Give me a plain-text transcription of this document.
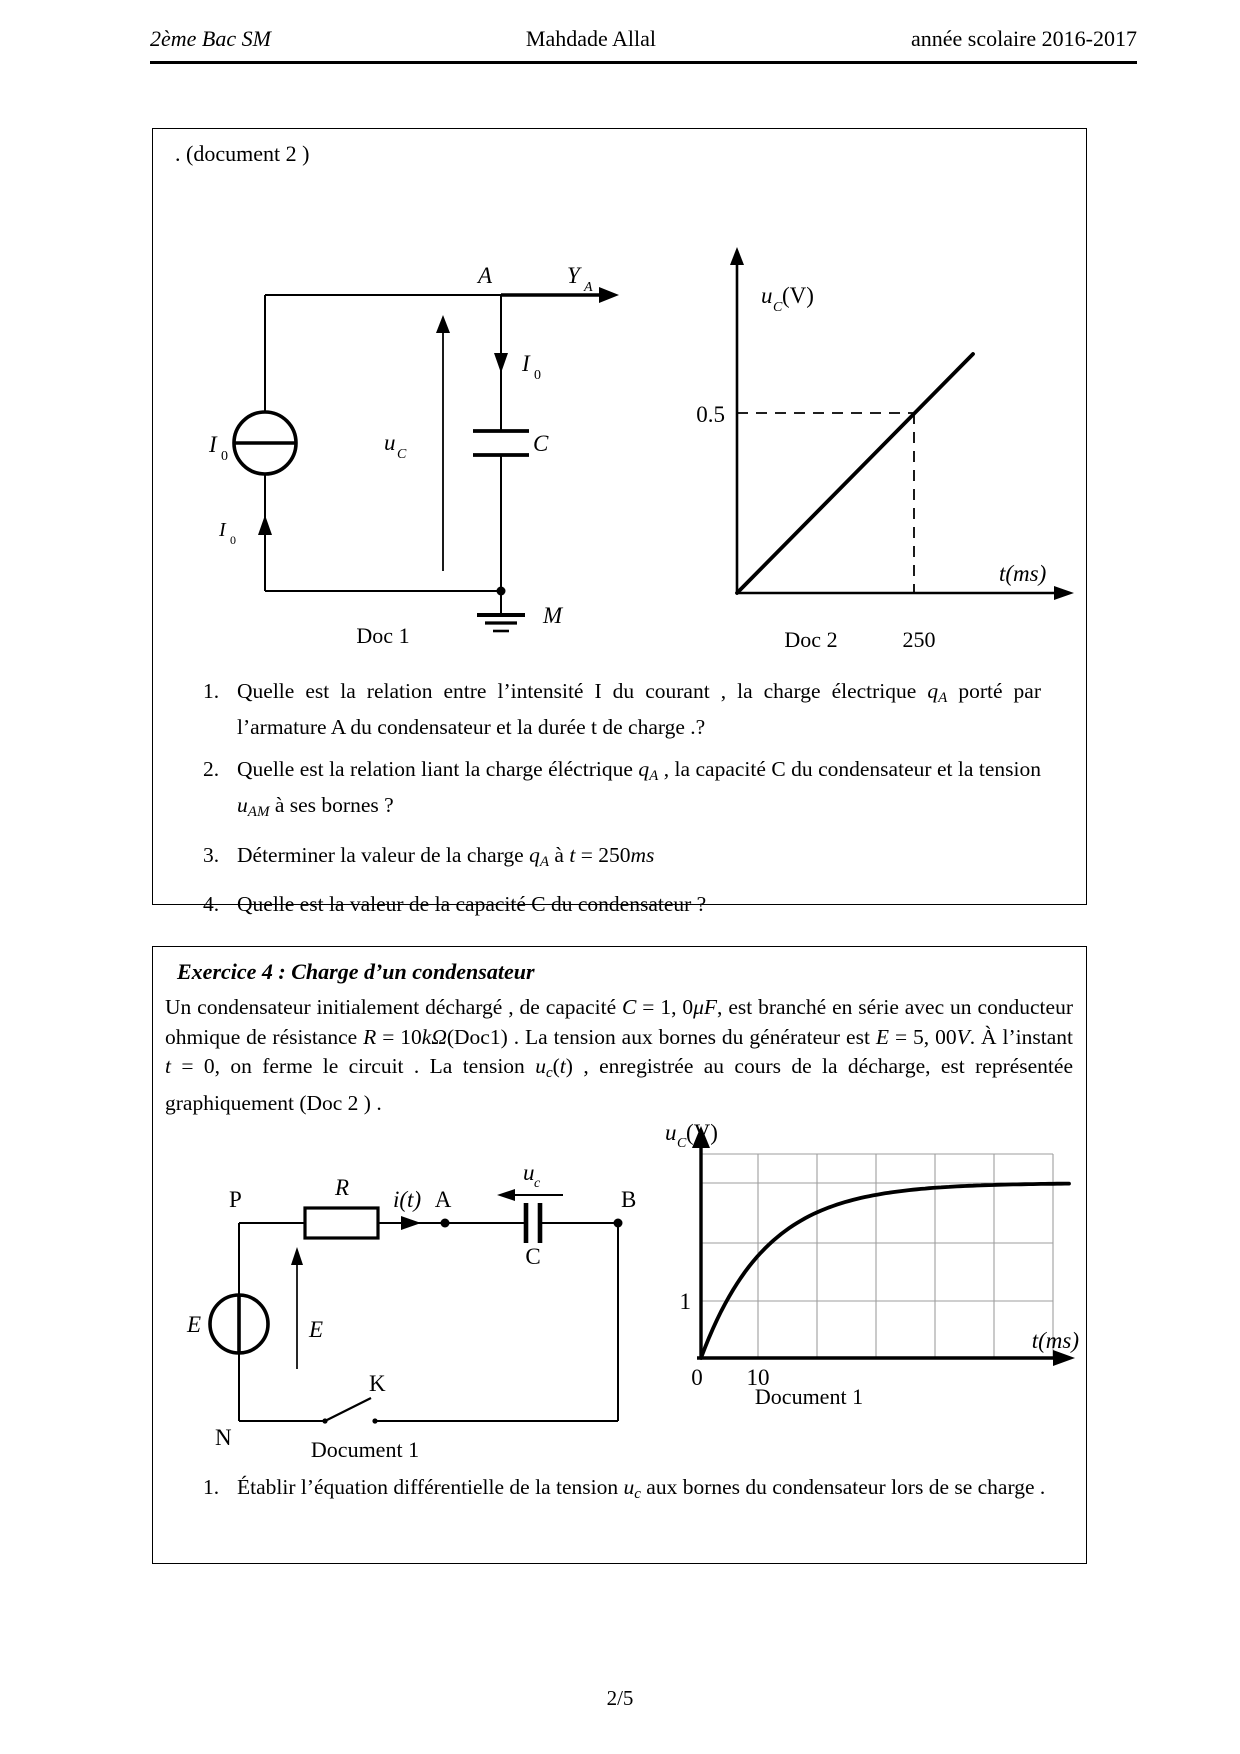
2ème Bac SM	Mahdade Allal	année scolaire 2016-2017
. (document 2 )
A	Y A
I 0
I 0
u C
I 0
C
M
Doc 1
u C (V)
t(ms)
0.5
Doc 2	250
1. Quelle est la relation entre l’intensité I du courant , la charge électrique qA porté par l’armature A du condensateur et la durée t de charge .?
2. Quelle est la relation liant la charge éléctrique qA , la capacité C du condensateur et la tension uAM à ses bornes ?
3. Déterminer la valeur de la charge qA à t = 250ms
4. Quelle est la valeur de la capacité C du condensateur ?
Exercice 4 : Charge d’un condensateur
Un condensateur initialement déchargé , de capacité C = 1, 0μF, est branché en série avec un conducteur ohmique de résistance R = 10kΩ(Doc1) . La tension aux bornes du générateur est E = 5, 00V. À l’instant t = 0, on ferme le circuit . La tension uc(t) , enregistrée au cours de la décharge, est représentée graphiquement (Doc 2 ) .
R i(t) A
u c
C
B
P
E	E
K
N	Document 1
u C (V)
t(ms)
1
0 10
Document 1
1. Établir l’équation différentielle de la tension uc aux bornes du condensateur lors de se charge .
2/5
